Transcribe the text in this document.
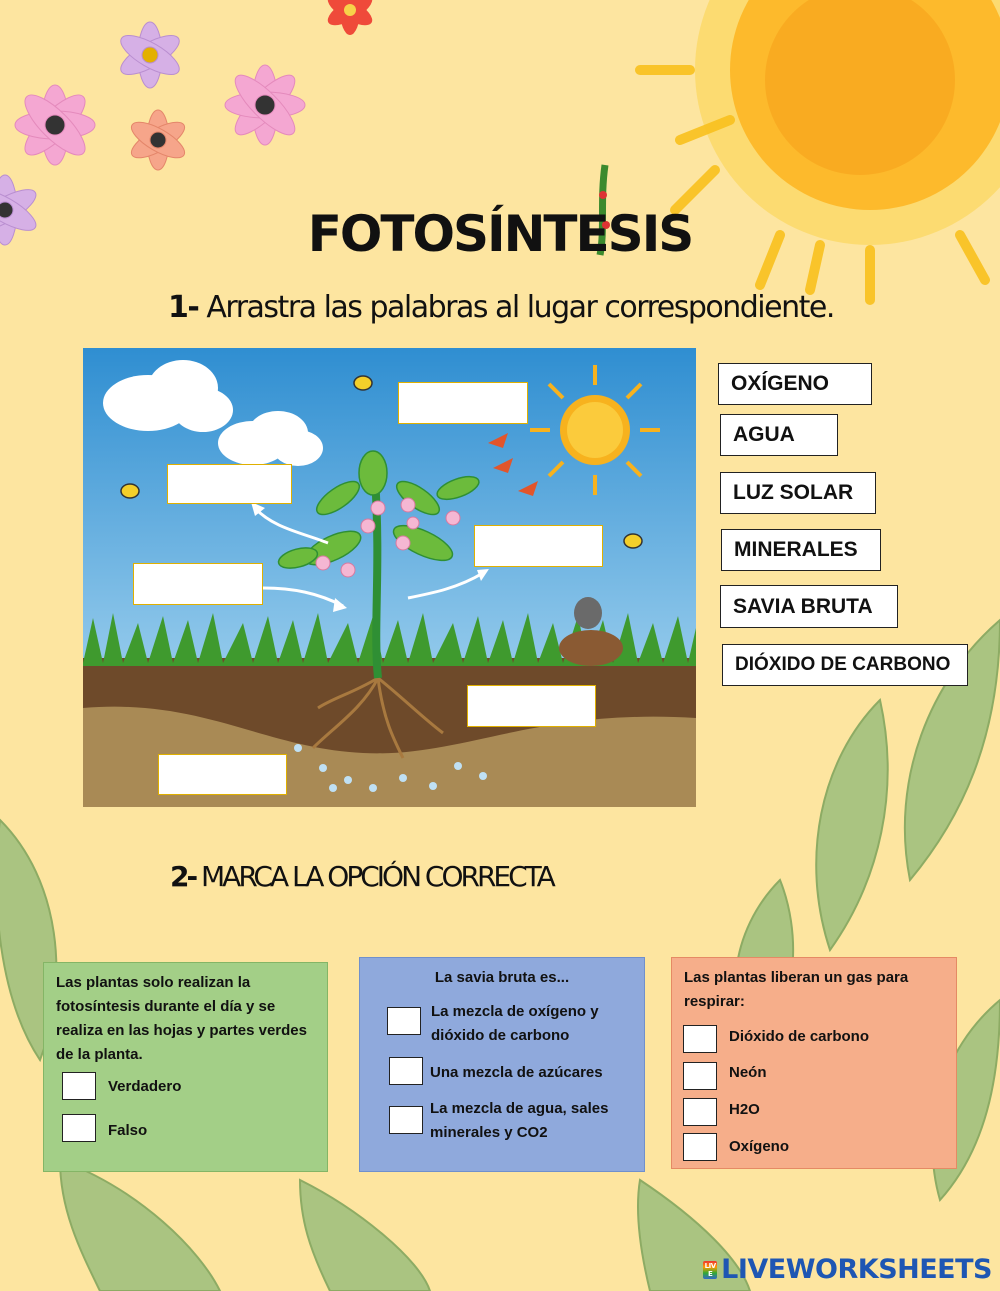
FOTOSÍNTESIS
1- Arrastra las palabras al lugar correspondiente.
OXÍGENO
AGUA
LUZ SOLAR
MINERALES
SAVIA BRUTA
DIÓXIDO DE CARBONO
2- MARCA LA OPCIÓN CORRECTA
Las plantas solo realizan la fotosíntesis durante el día y se realiza en las hojas y partes verdes de la planta.
Verdadero
Falso
La savia bruta es...
La mezcla de oxígeno y dióxido de carbono
Una mezcla de azúcares
La mezcla de agua, sales minerales y CO2
Las plantas liberan un gas para respirar:
Dióxido de carbono
Neón
H2O
Oxígeno
LIVE LIVEWORKSHEETS
